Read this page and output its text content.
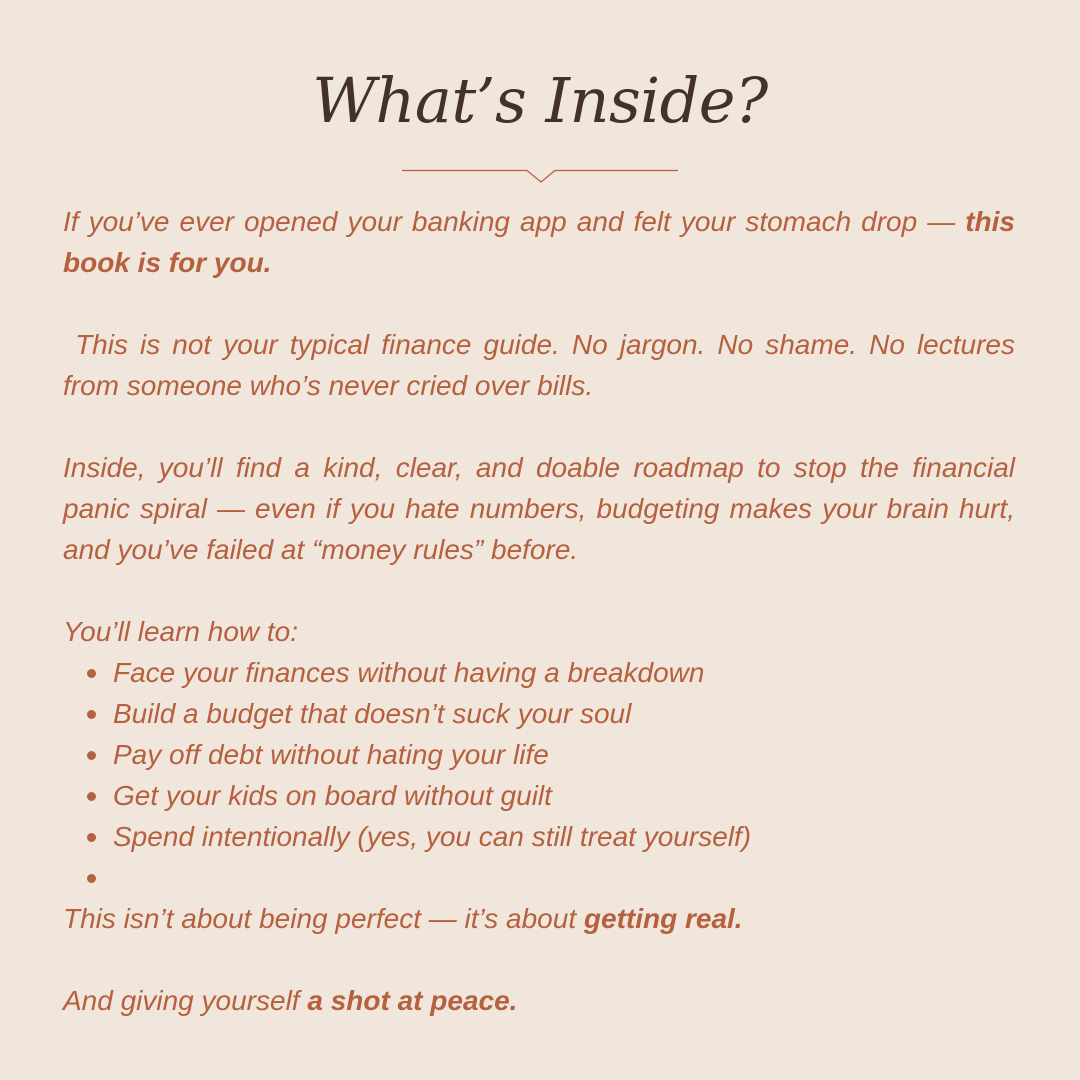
What’s Inside?

If you’ve ever opened your banking app and felt your stomach drop — this book is for you.

This is not your typical finance guide. No jargon. No shame. No lectures from someone who’s never cried over bills.

Inside, you’ll find a kind, clear, and doable roadmap to stop the financial panic spiral — even if you hate numbers, budgeting makes your brain hurt, and you’ve failed at “money rules” before.

You’ll learn how to:
Face your finances without having a breakdown
Build a budget that doesn’t suck your soul
Pay off debt without hating your life
Get your kids on board without guilt
Spend intentionally (yes, you can still treat yourself)

This isn’t about being perfect — it’s about getting real.

And giving yourself a shot at peace.
